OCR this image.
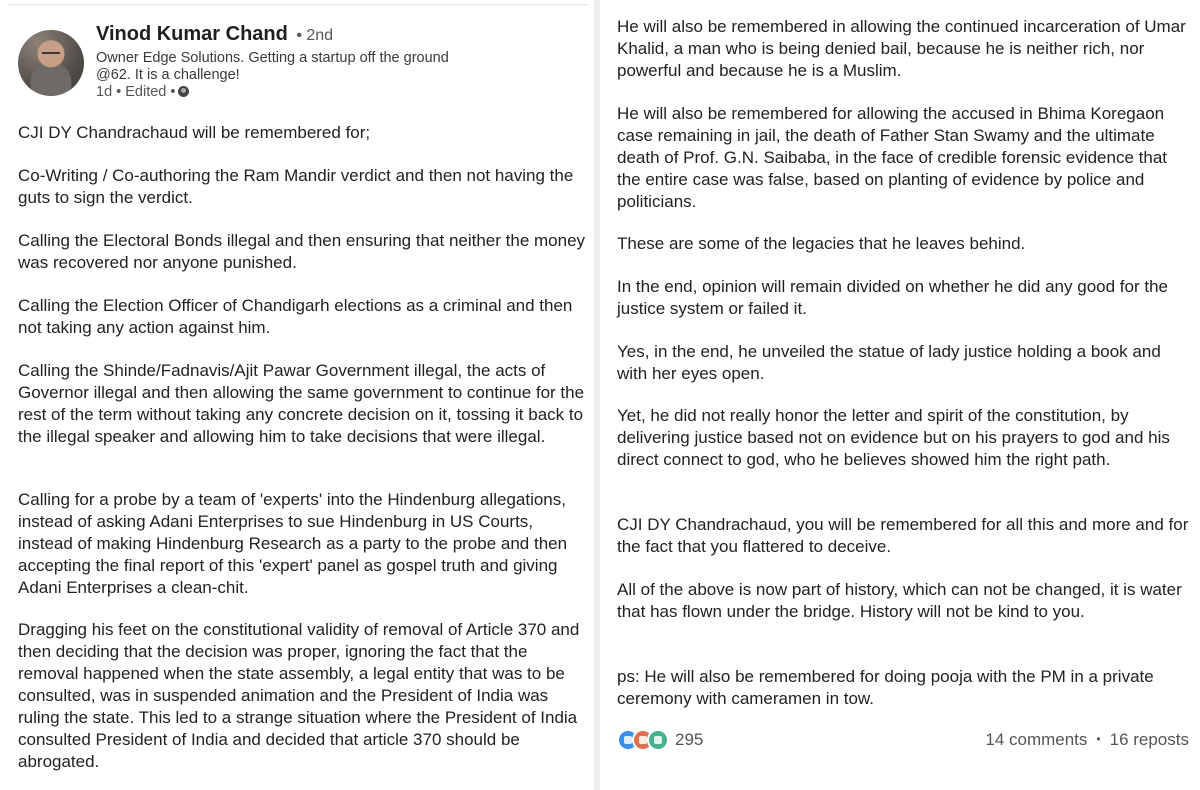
Vinod Kumar Chand • 2nd
Owner Edge Solutions. Getting a startup off the ground @62. It is a challenge!
1d • Edited •

CJI DY Chandrachaud will be remembered for;

Co-Writing / Co-authoring the Ram Mandir verdict and then not having the guts to sign the verdict.

Calling the Electoral Bonds illegal and then ensuring that neither the money was recovered nor anyone punished.

Calling the Election Officer of Chandigarh elections as a criminal and then not taking any action against him.

Calling the Shinde/Fadnavis/Ajit Pawar Government illegal, the acts of Governor illegal and then allowing the same government to continue for the rest of the term without taking any concrete decision on it, tossing it back to the illegal speaker and allowing him to take decisions that were illegal.

Calling for a probe by a team of 'experts' into the Hindenburg allegations, instead of asking Adani Enterprises to sue Hindenburg in US Courts, instead of making Hindenburg Research as a party to the probe and then accepting the final report of this 'expert' panel as gospel truth and giving Adani Enterprises a clean-chit.

Dragging his feet on the constitutional validity of removal of Article 370 and then deciding that the decision was proper, ignoring the fact that the removal happened when the state assembly, a legal entity that was to be consulted, was in suspended animation and the President of India was ruling the state. This led to a strange situation where the President of India consulted President of India and decided that article 370 should be abrogated.

He will also be remembered in allowing the continued incarceration of Umar Khalid, a man who is being denied bail, because he is neither rich, nor powerful and because he is a Muslim.

He will also be remembered for allowing the accused in Bhima Koregaon case remaining in jail, the death of Father Stan Swamy and the ultimate death of Prof. G.N. Saibaba, in the face of credible forensic evidence that the entire case was false, based on planting of evidence by police and politicians.

These are some of the legacies that he leaves behind.

In the end, opinion will remain divided on whether he did any good for the justice system or failed it.

Yes, in the end, he unveiled the statue of lady justice holding a book and with her eyes open.

Yet, he did not really honor the letter and spirit of the constitution, by delivering justice based not on evidence but on his prayers to god and his direct connect to god, who he believes showed him the right path.

CJI DY Chandrachaud, you will be remembered for all this and more and for the fact that you flattered to deceive.

All of the above is now part of history, which can not be changed, it is water that has flown under the bridge. History will not be kind to you.

ps: He will also be remembered for doing pooja with the PM in a private ceremony with cameramen in tow.

295	14 comments • 16 reposts
